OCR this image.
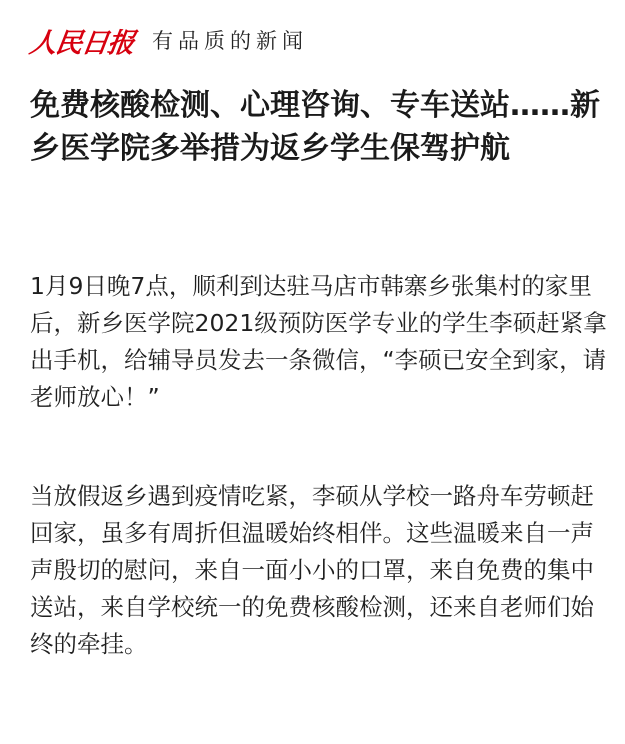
人民日报 有品质的新闻
免费核酸检测、心理咨询、专车送站……新乡医学院多举措为返乡学生保驾护航

1月9日晚7点，顺利到达驻马店市韩寨乡张集村的家里后，新乡医学院2021级预防医学专业的学生李硕赶紧拿出手机，给辅导员发去一条微信，“李硕已安全到家，请老师放心！”

当放假返乡遇到疫情吃紧，李硕从学校一路舟车劳顿赶回家，虽多有周折但温暖始终相伴。这些温暖来自一声声殷切的慰问，来自一面小小的口罩，来自免费的集中送站，来自学校统一的免费核酸检测，还来自老师们始终的牵挂。
